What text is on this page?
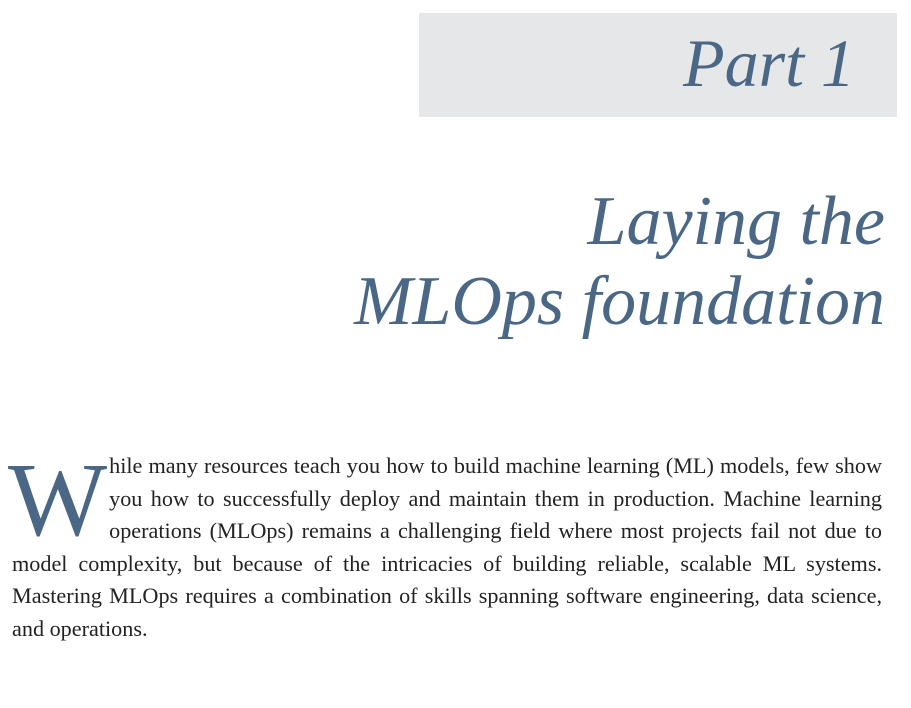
Part 1
Laying the
MLOps foundation

W hile many resources teach you how to build machine learning (ML) models, few show you how to successfully deploy and maintain them in production. Machine learning operations (MLOps) remains a challenging field where most projects fail not due to model complexity, but because of the intricacies of building reliable, scalable ML systems. Mastering MLOps requires a combination of skills spanning software engineering, data science, and operations.
